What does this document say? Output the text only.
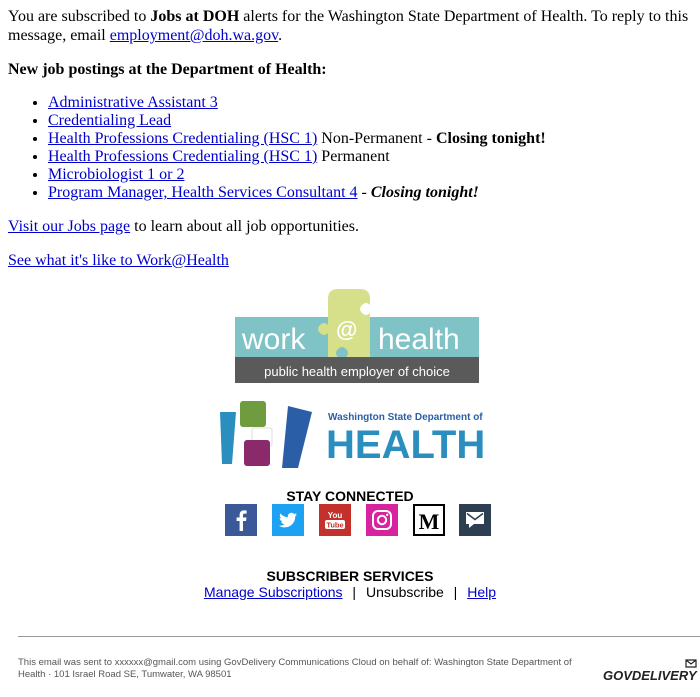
You are subscribed to Jobs at DOH alerts for the Washington State Department of Health. To reply to this message, email employment@doh.wa.gov.
New job postings at the Department of Health:
• Administrative Assistant 3
• Credentialing Lead
• Health Professions Credentialing (HSC 1) Non-Permanent - Closing tonight!
• Health Professions Credentialing (HSC 1) Permanent
• Microbiologist 1 or 2
• Program Manager, Health Services Consultant 4 - Closing tonight!
Visit our Jobs page to learn about all job opportunities.
See what it's like to Work@Health
work @ health
public health employer of choice
Washington State Department of
HEALTH
STAY CONNECTED
You
Tube	M
SUBSCRIBER SERVICES
Manage Subscriptions | Unsubscribe | Help
This email was sent to xxxxxx@gmail.com using GovDelivery Communications Cloud on behalf of: Washington State Department of Health · 101 Israel Road SE, Tumwater, WA 98501	GOVDELIVERY
